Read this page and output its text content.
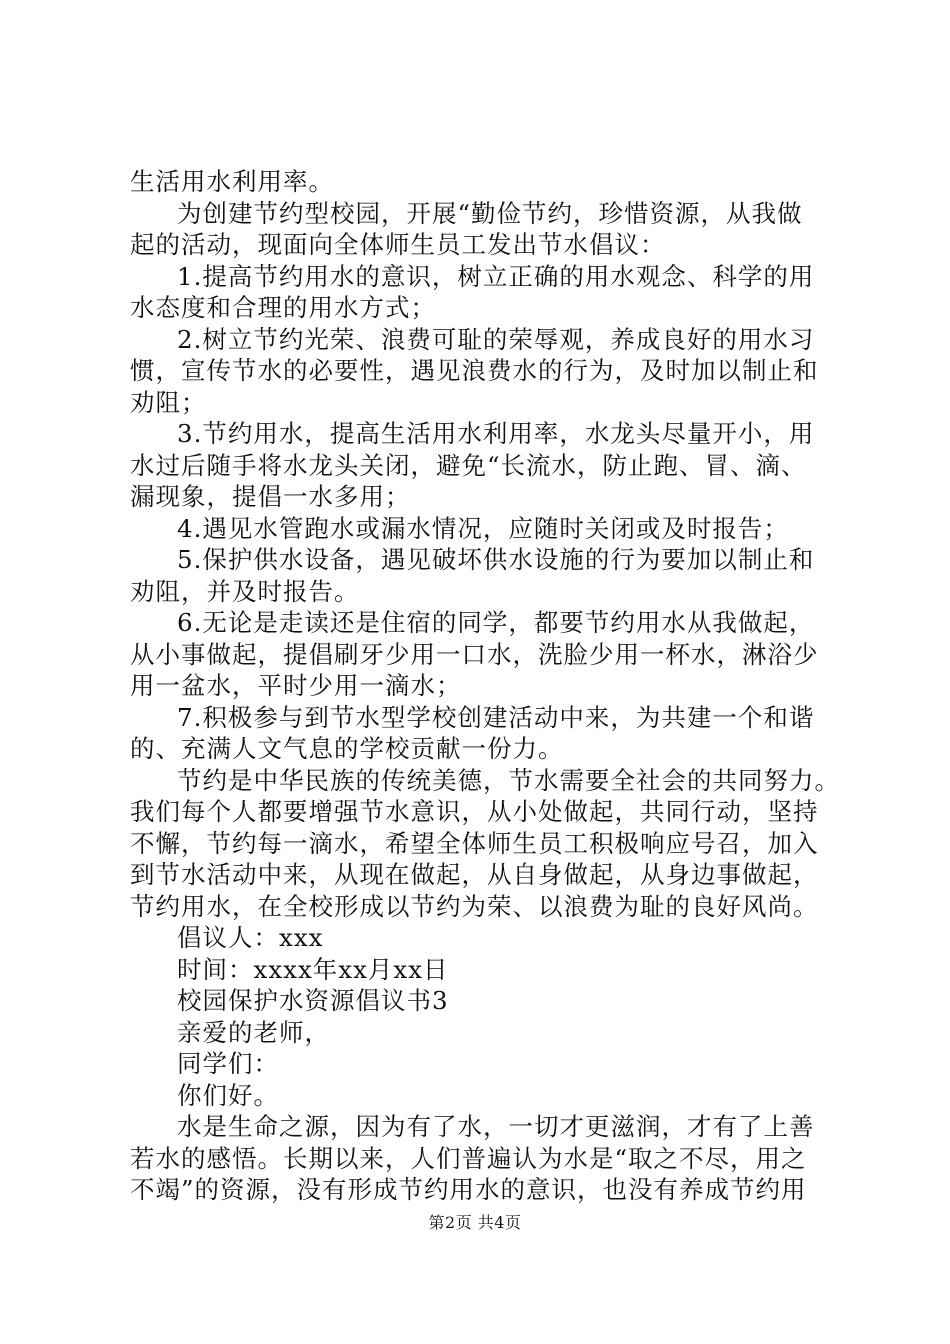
生活用水利用率。
为创建节约型校园，开展“勤俭节约，珍惜资源，从我做
起的活动，现面向全体师生员工发出节水倡议：
1.提高节约用水的意识，树立正确的用水观念、科学的用
水态度和合理的用水方式；
2.树立节约光荣、浪费可耻的荣辱观，养成良好的用水习
惯，宣传节水的必要性，遇见浪费水的行为，及时加以制止和
劝阻；
3.节约用水，提高生活用水利用率，水龙头尽量开小，用
水过后随手将水龙头关闭，避免“长流水，防止跑、冒、滴、
漏现象，提倡一水多用；
4.遇见水管跑水或漏水情况，应随时关闭或及时报告；
5.保护供水设备，遇见破坏供水设施的行为要加以制止和
劝阻，并及时报告。
6.无论是走读还是住宿的同学，都要节约用水从我做起，
从小事做起，提倡刷牙少用一口水，洗脸少用一杯水，淋浴少
用一盆水，平时少用一滴水；
7.积极参与到节水型学校创建活动中来，为共建一个和谐
的、充满人文气息的学校贡献一份力。
节约是中华民族的传统美德，节水需要全社会的共同努力。
我们每个人都要增强节水意识，从小处做起，共同行动，坚持
不懈，节约每一滴水，希望全体师生员工积极响应号召，加入
到节水活动中来，从现在做起，从自身做起，从身边事做起，
节约用水，在全校形成以节约为荣、以浪费为耻的良好风尚。
倡议人：xxx
时间：xxxx年xx月xx日
校园保护水资源倡议书3
亲爱的老师，
同学们：
你们好。
水是生命之源，因为有了水，一切才更滋润，才有了上善
若水的感悟。长期以来，人们普遍认为水是“取之不尽，用之
不竭”的资源，没有形成节约用水的意识，也没有养成节约用
第2页 共4页
